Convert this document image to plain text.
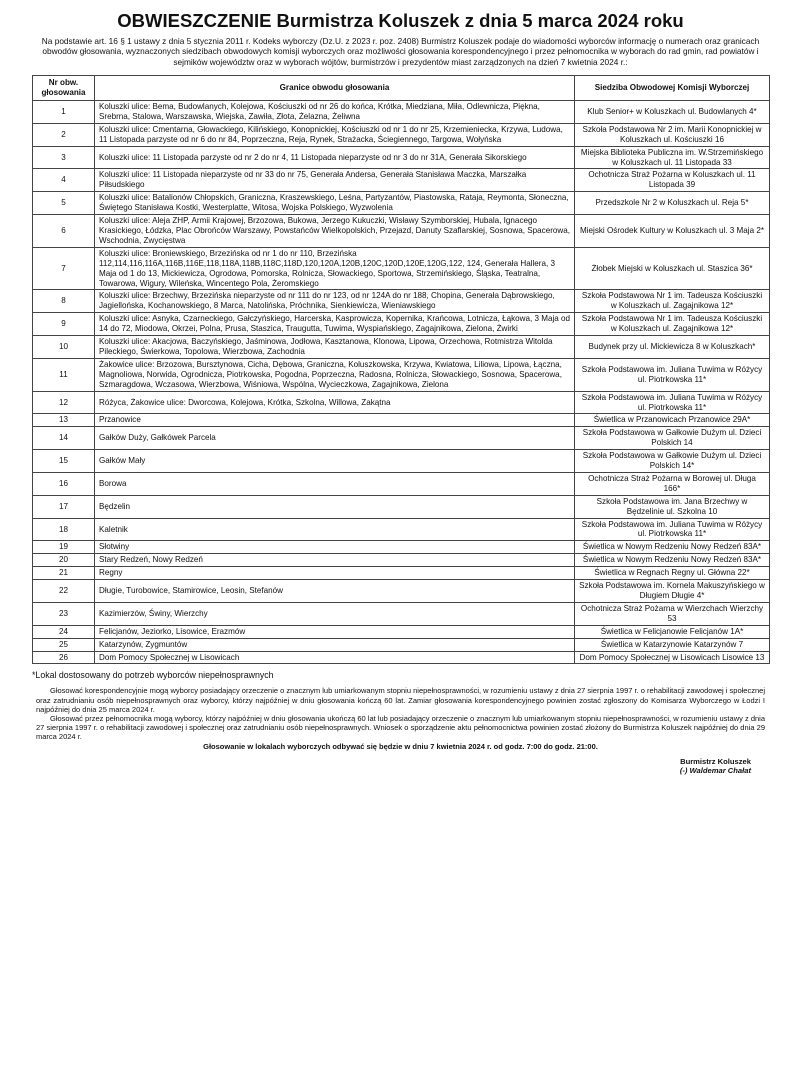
OBWIESZCZENIE Burmistrza Koluszek z dnia 5 marca 2024 roku
Na podstawie art. 16 § 1 ustawy z dnia 5 stycznia 2011 r. Kodeks wyborczy (Dz.U. z 2023 r. poz. 2408) Burmistrz Koluszek podaje do wiadomości wyborców informację o numerach oraz granicach obwodów głosowania, wyznaczonych siedzibach obwodowych komisji wyborczych oraz możliwości głosowania korespondencyjnego i przez pełnomocnika w wyborach do rad gmin, rad powiatów i sejmików województw oraz w wyborach wójtów, burmistrzów i prezydentów miast zarządzonych na dzień 7 kwietnia 2024 r.:
Nr obw. głosowania	Granice obwodu głosowania	Siedziba Obwodowej Komisji Wyborczej
1	Koluszki ulice: Bema, Budowlanych, Kolejowa, Kościuszki od nr 26 do końca, Krótka, Miedziana, Miła, Odlewnicza, Piękna, Srebrna, Stalowa, Warszawska, Wiejska, Zawiła, Złota, Żelazna, Żeliwna	Klub Senior+ w Koluszkach ul. Budowlanych 4*
2	Koluszki ulice: Cmentarna, Głowackiego, Kilińskiego, Konopnickiej, Kościuszki od nr 1 do nr 25, Krzemieniecka, Krzywa, Ludowa, 11 Listopada parzyste od nr 6 do nr 84, Poprzeczna, Reja, Rynek, Strażacka, Ściegiennego, Targowa, Wołyńska	Szkoła Podstawowa Nr 2 im. Marii Konopnickiej w Koluszkach ul. Kościuszki 16
3	Koluszki ulice: 11 Listopada parzyste od nr 2 do nr 4, 11 Listopada nieparzyste od nr 3 do nr 31A, Generała Sikorskiego	Miejska Biblioteka Publiczna im. W.Strzemińskiego w Koluszkach ul. 11 Listopada 33
4	Koluszki ulice: 11 Listopada nieparzyste od nr 33 do nr 75, Generała Andersa, Generała Stanisława Maczka, Marszałka Piłsudskiego	Ochotnicza Straż Pożarna w Koluszkach ul. 11 Listopada 39
5	Koluszki ulice: Batalionów Chłopskich, Graniczna, Kraszewskiego, Leśna, Partyzantów, Piastowska, Rataja, Reymonta, Słoneczna, Świętego Stanisława Kostki, Westerplatte, Witosa, Wojska Polskiego, Wyzwolenia	Przedszkole Nr 2 w Koluszkach ul. Reja 5*
6	Koluszki ulice: Aleja ZHP, Armii Krajowej, Brzozowa, Bukowa, Jerzego Kukuczki, Wisławy Szymborskiej, Hubala, Ignacego Krasickiego, Łódzka, Plac Obrońców Warszawy, Powstańców Wielkopolskich, Przejazd, Danuty Szaflarskiej, Sosnowa, Spacerowa, Wschodnia, Zwycięstwa	Miejski Ośrodek Kultury w Koluszkach ul. 3 Maja 2*
7	Koluszki ulice: Broniewskiego, Brzezińska od nr 1 do nr 110, Brzezińska 112,114,116,116A,116B,116E,118,118A,118B,118C,118D,120,120A,120B,120C,120D,120E,120G,122, 124, Generała Hallera, 3 Maja od 1 do 13, Mickiewicza, Ogrodowa, Pomorska, Rolnicza, Słowackiego, Sportowa, Strzemińskiego, Śląska, Teatralna, Towarowa, Wigury, Wileńska, Wincentego Pola, Żeromskiego	Żłobek Miejski w Koluszkach ul. Staszica 36*
8	Koluszki ulice: Brzechwy, Brzezińska nieparzyste od nr 111 do nr 123, od nr 124A do nr 188, Chopina, Generała Dąbrowskiego, Jagiellońska, Kochanowskiego, 8 Marca, Natolińska, Próchnika, Sienkiewicza, Wieniawskiego	Szkoła Podstawowa Nr 1 im. Tadeusza Kościuszki w Koluszkach ul. Zagajnikowa 12*
9	Koluszki ulice: Asnyka, Czarneckiego, Gałczyńskiego, Harcerska, Kasprowicza, Kopernika, Krańcowa, Lotnicza, Łąkowa, 3 Maja od 14 do 72, Miodowa, Okrzei, Polna, Prusa, Staszica, Traugutta, Tuwima, Wyspiańskiego, Zagajnikowa, Zielona, Żwirki	Szkoła Podstawowa Nr 1 im. Tadeusza Kościuszki w Koluszkach ul. Zagajnikowa 12*
10	Koluszki ulice: Akacjowa, Baczyńskiego, Jaśminowa, Jodłowa, Kasztanowa, Klonowa, Lipowa, Orzechowa, Rotmistrza Witolda Pileckiego, Świerkowa, Topolowa, Wierzbowa, Zachodnia	Budynek przy ul. Mickiewicza 8 w Koluszkach*
11	Żakowice ulice: Brzozowa, Bursztynowa, Cicha, Dębowa, Graniczna, Koluszkowska, Krzywa, Kwiatowa, Liliowa, Lipowa, Łączna, Magnoliowa, Norwida, Ogrodnicza, Piotrkowska, Pogodna, Poprzeczna, Radosna, Rolnicza, Słowackiego, Sosnowa, Spacerowa, Szmaragdowa, Wczasowa, Wierzbowa, Wiśniowa, Wspólna, Wycieczkowa, Zagajnikowa, Zielona	Szkoła Podstawowa im. Juliana Tuwima w Różycy ul. Piotrkowska 11*
12	Różyca, Żakowice ulice: Dworcowa, Kolejowa, Krótka, Szkolna, Willowa, Zakątna	Szkoła Podstawowa im. Juliana Tuwima w Różycy ul. Piotrkowska 11*
13	Przanowice	Świetlica w Przanowicach Przanowice 29A*
14	Gałków Duży, Gałkówek Parcela	Szkoła Podstawowa w Gałkowie Dużym ul. Dzieci Polskich 14
15	Gałków Mały	Szkoła Podstawowa w Gałkowie Dużym ul. Dzieci Polskich 14*
16	Borowa	Ochotnicza Straż Pożarna w Borowej ul. Długa 166*
17	Będzelin	Szkoła Podstawowa im. Jana Brzechwy w Będzelinie ul. Szkolna 10
18	Kaletnik	Szkoła Podstawowa im. Juliana Tuwima w Różycy ul. Piotrkowska 11*
19	Słotwiny	Świetlica w Nowym Redzeniu Nowy Redzeń 83A*
20	Stary Redzeń, Nowy Redzeń	Świetlica w Nowym Redzeniu Nowy Redzeń 83A*
21	Regny	Świetlica w Regnach Regny ul. Główna 22*
22	Długie, Turobowice, Stamirowice, Leosin, Stefanów	Szkoła Podstawowa im. Kornela Makuszyńskiego w Długiem Długie 4*
23	Kazimierzów, Świny, Wierzchy	Ochotnicza Straż Pożarna w Wierzchach Wierzchy 53
24	Felicjanów, Jeziorko, Lisowice, Erazmów	Świetlica w Felicjanowie Felicjanów 1A*
25	Katarzynów, Zygmuntów	Świetlica w Katarzynowie Katarzynów 7
26	Dom Pomocy Społecznej w Lisowicach	Dom Pomocy Społecznej w Lisowicach Lisowice 13
*Lokal dostosowany do potrzeb wyborców niepełnosprawnych

Głosować korespondencyjnie mogą wyborcy posiadający orzeczenie o znacznym lub umiarkowanym stopniu niepełnosprawności, w rozumieniu ustawy z dnia 27 sierpnia 1997 r. o rehabilitacji zawodowej i społecznej oraz zatrudnianiu osób niepełnosprawnych oraz wyborcy, którzy najpóźniej w dniu głosowania kończą 60 lat. Zamiar głosowania korespondencyjnego powinien zostać zgłoszony do Komisarza Wyborczego w Łodzi I najpóźniej do dnia 25 marca 2024 r.

Głosować przez pełnomocnika mogą wyborcy, którzy najpóźniej w dniu głosowania ukończą 60 lat lub posiadający orzeczenie o znacznym lub umiarkowanym stopniu niepełnosprawności, w rozumieniu ustawy z dnia 27 sierpnia 1997 r. o rehabilitacji zawodowej i społecznej oraz zatrudnianiu osób niepełnosprawnych. Wniosek o sporządzenie aktu pełnomocnictwa powinien zostać złożony do Burmistrza Koluszek najpóźniej do dnia 29 marca 2024 r.

Głosowanie w lokalach wyborczych odbywać się będzie w dniu 7 kwietnia 2024 r. od godz. 7:00 do godz. 21:00.

Burmistrz Koluszek
(-) Waldemar Chałat
